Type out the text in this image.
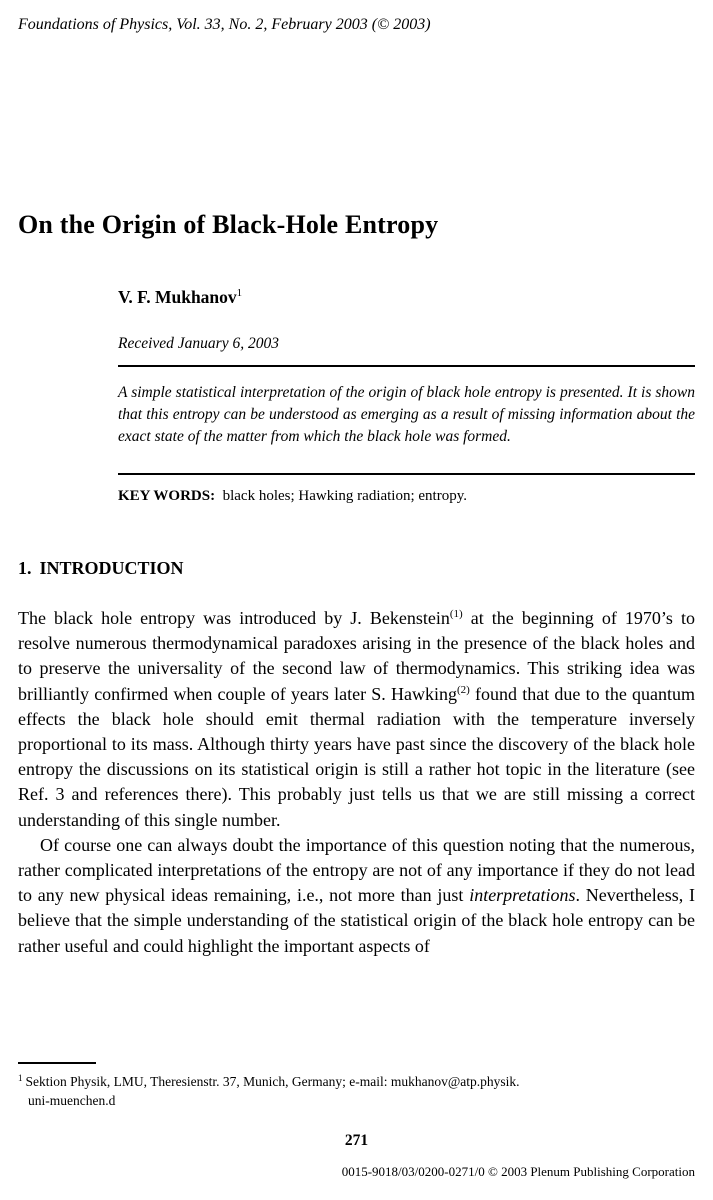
Foundations of Physics, Vol. 33, No. 2, February 2003 (© 2003)
On the Origin of Black-Hole Entropy
V. F. Mukhanov$^1$
Received January 6, 2003
A simple statistical interpretation of the origin of black hole entropy is presented. It is shown that this entropy can be understood as emerging as a result of missing information about the exact state of the matter from which the black hole was formed.
KEY WORDS: black holes; Hawking radiation; entropy.
1. INTRODUCTION

The black hole entropy was introduced by J. Bekenstein$^{(1)}$ at the beginning of 1970’s to resolve numerous thermodynamical paradoxes arising in the presence of the black holes and to preserve the universality of the second law of thermodynamics. This striking idea was brilliantly confirmed when couple of years later S. Hawking$^{(2)}$ found that due to the quantum effects the black hole should emit thermal radiation with the temperature inversely proportional to its mass. Although thirty years have past since the discovery of the black hole entropy the discussions on its statistical origin is still a rather hot topic in the literature (see Ref. 3 and references there). This probably just tells us that we are still missing a correct understanding of this single number.

Of course one can always doubt the importance of this question noting that the numerous, rather complicated interpretations of the entropy are not of any importance if they do not lead to any new physical ideas remaining, i.e., not more than just interpretations. Nevertheless, I believe that the simple understanding of the statistical origin of the black hole entropy can be rather useful and could highlight the important aspects of

$^1$ Sektion Physik, LMU, Theresienstr. 37, Munich, Germany; e-mail: mukhanov@atp.physik.
uni-muenchen.d
271
0015-9018/03/0200-0271/0 © 2003 Plenum Publishing Corporation
